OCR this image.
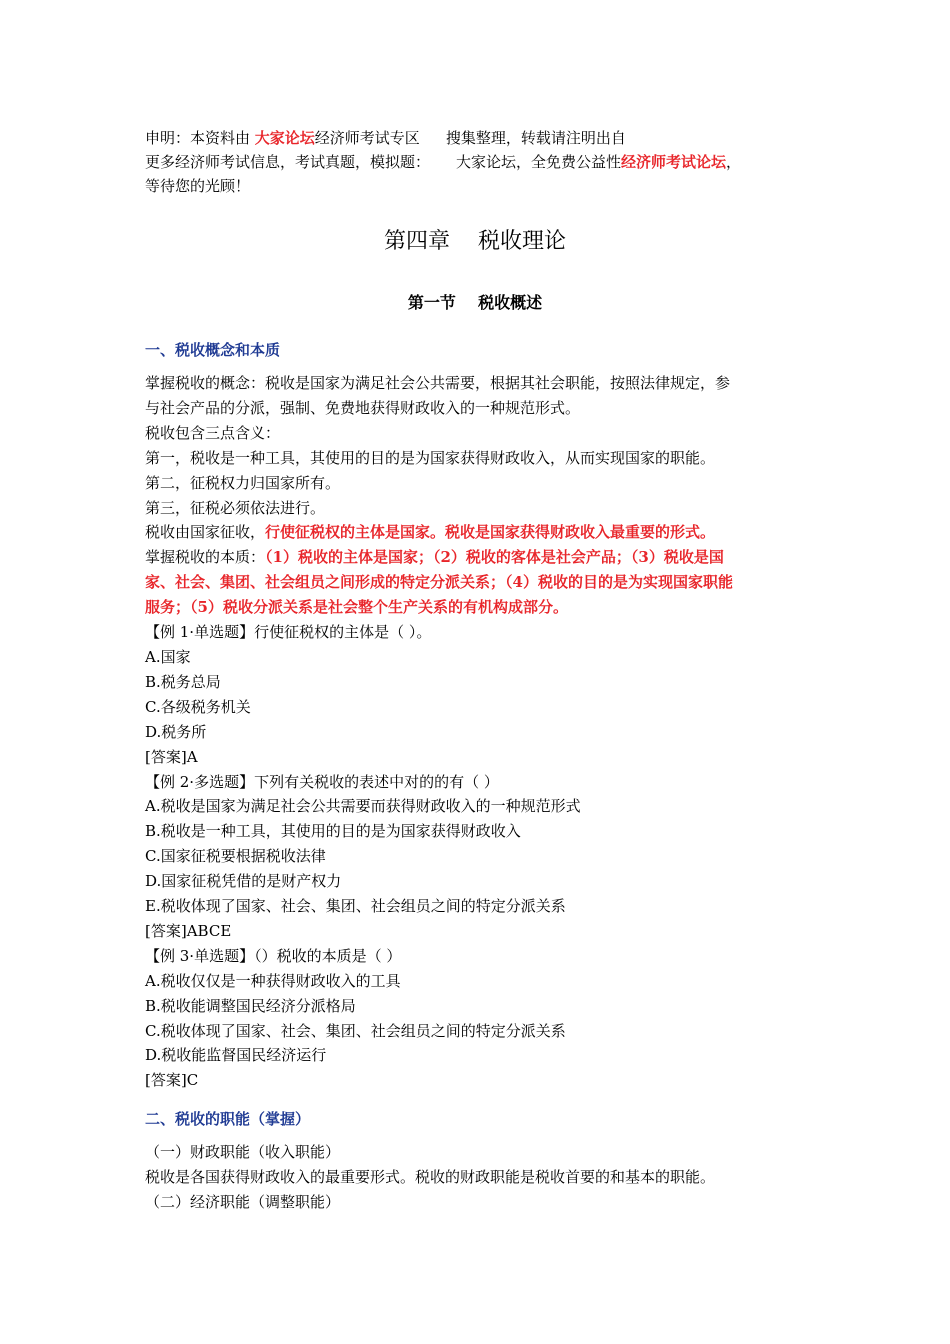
申明：本资料由 大家论坛经济师考试专区 搜集整理，转载请注明出自
更多经济师考试信息，考试真题，模拟题： 大家论坛，全免费公益性经济师考试论坛，
等待您的光顾！
第四章    税收理论
第一节    税收概述
一、税收概念和本质

掌握税收的概念：税收是国家为满足社会公共需要，根据其社会职能，按照法律规定，参

与社会产品的分派，强制、免费地获得财政收入的一种规范形式。

税收包含三点含义：

第一，税收是一种工具，其使用的目的是为国家获得财政收入，从而实现国家的职能。

第二，征税权力归国家所有。

第三，征税必须依法进行。

税收由国家征收，行使征税权的主体是国家。税收是国家获得财政收入最重要的形式。

掌握税收的本质：（1）税收的主体是国家；（2）税收的客体是社会产品；（3）税收是国

家、社会、集团、社会组员之间形成的特定分派关系；（4）税收的目的是为实现国家职能

服务；（5）税收分派关系是社会整个生产关系的有机构成部分。

【例 1·单选题】行使征税权的主体是（ ）。

A.国家

B.税务总局

C.各级税务机关

D.税务所

[答案]A

【例 2·多选题】下列有关税收的表述中对的的有（ ）

A.税收是国家为满足社会公共需要而获得财政收入的一种规范形式

B.税收是一种工具，其使用的目的是为国家获得财政收入

C.国家征税要根据税收法律

D.国家征税凭借的是财产权力

E.税收体现了国家、社会、集团、社会组员之间的特定分派关系

[答案]ABCE

【例 3·单选题】（）税收的本质是（ ）

A.税收仅仅是一种获得财政收入的工具

B.税收能调整国民经济分派格局

C.税收体现了国家、社会、集团、社会组员之间的特定分派关系

D.税收能监督国民经济运行

[答案]C

二、税收的职能（掌握）

（一）财政职能（收入职能）

税收是各国获得财政收入的最重要形式。税收的财政职能是税收首要的和基本的职能。

（二）经济职能（调整职能）
